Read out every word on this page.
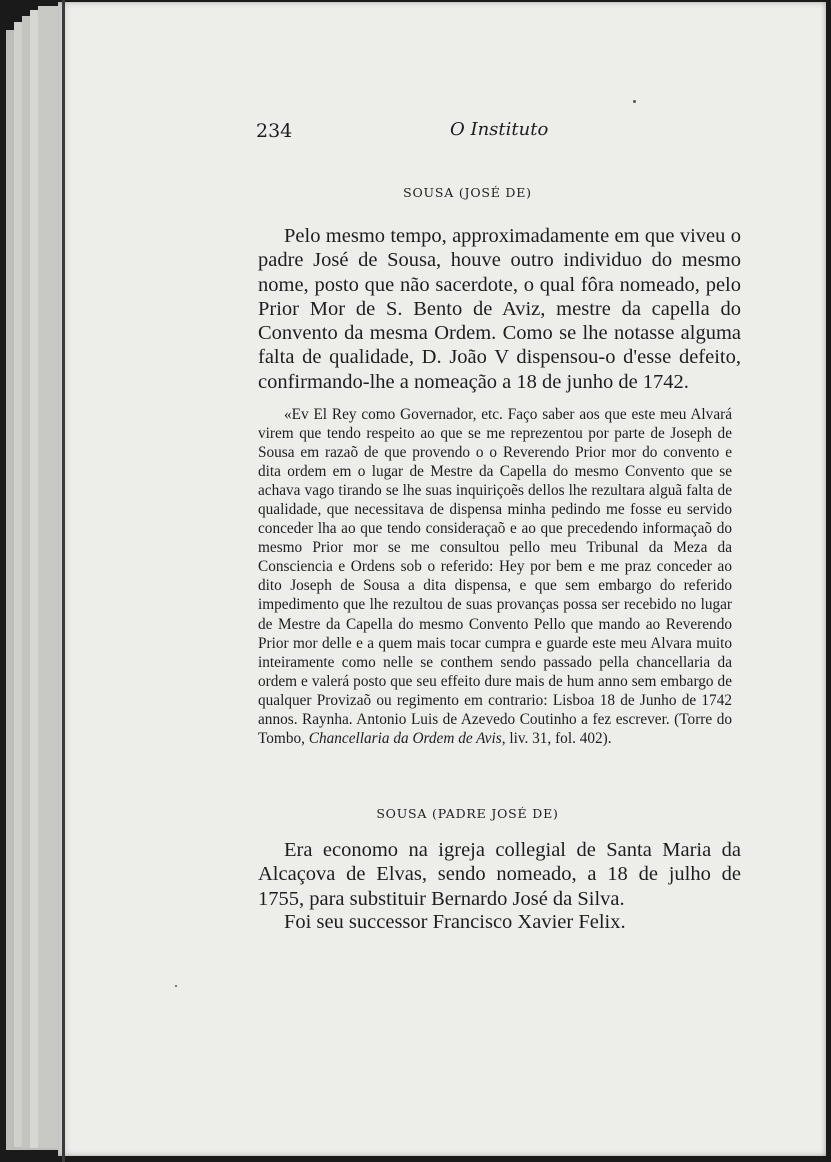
234	O Instituto
SOUSA (JOSÉ DE)
Pelo mesmo tempo, approximadamente em que viveu o padre José de Sousa, houve outro individuo do mesmo nome, posto que não sacerdote, o qual fôra nomeado, pelo Prior Mor de S. Bento de Aviz, mestre da capella do Convento da mesma Ordem. Como se lhe notasse alguma falta de qualidade, D. João V dispensou-o d'esse defeito, confirmando-lhe a nomeação a 18 de junho de 1742.
«Ev El Rey como Governador, etc. Faço saber aos que este meu Alvará virem que tendo respeito ao que se me reprezentou por parte de Joseph de Sousa em razaõ de que provendo o o Reverendo Prior mor do convento e dita ordem em o lugar de Mestre da Capella do mesmo Convento que se achava vago tirando se lhe suas inquiriçoẽs dellos lhe rezultara alguã falta de qualidade, que necessitava de dispensa minha pedindo me fosse eu servido conceder lha ao que tendo consideraçaõ e ao que precedendo informaçaõ do mesmo Prior mor se me consultou pello meu Tribunal da Meza da Consciencia e Ordens sob o referido: Hey por bem e me praz conceder ao dito Joseph de Sousa a dita dispensa, e que sem embargo do referido impedimento que lhe rezultou de suas provanças possa ser recebido no lugar de Mestre da Capella do mesmo Convento Pello que mando ao Reverendo Prior mor delle e a quem mais tocar cumpra e guarde este meu Alvara muito inteiramente como nelle se conthem sendo passado pella chancellaria da ordem e valerá posto que seu effeito dure mais de hum anno sem embargo de qualquer Provizaõ ou regimento em contrario: Lisboa 18 de Junho de 1742 annos. Raynha. Antonio Luis de Azevedo Coutinho a fez escrever. (Torre do Tombo, Chancellaria da Ordem de Avis, liv. 31, fol. 402).
SOUSA (PADRE JOSÉ DE)
Era economo na igreja collegial de Santa Maria da Alcaçova de Elvas, sendo nomeado, a 18 de julho de 1755, para substituir Bernardo José da Silva.
Foi seu successor Francisco Xavier Felix.
